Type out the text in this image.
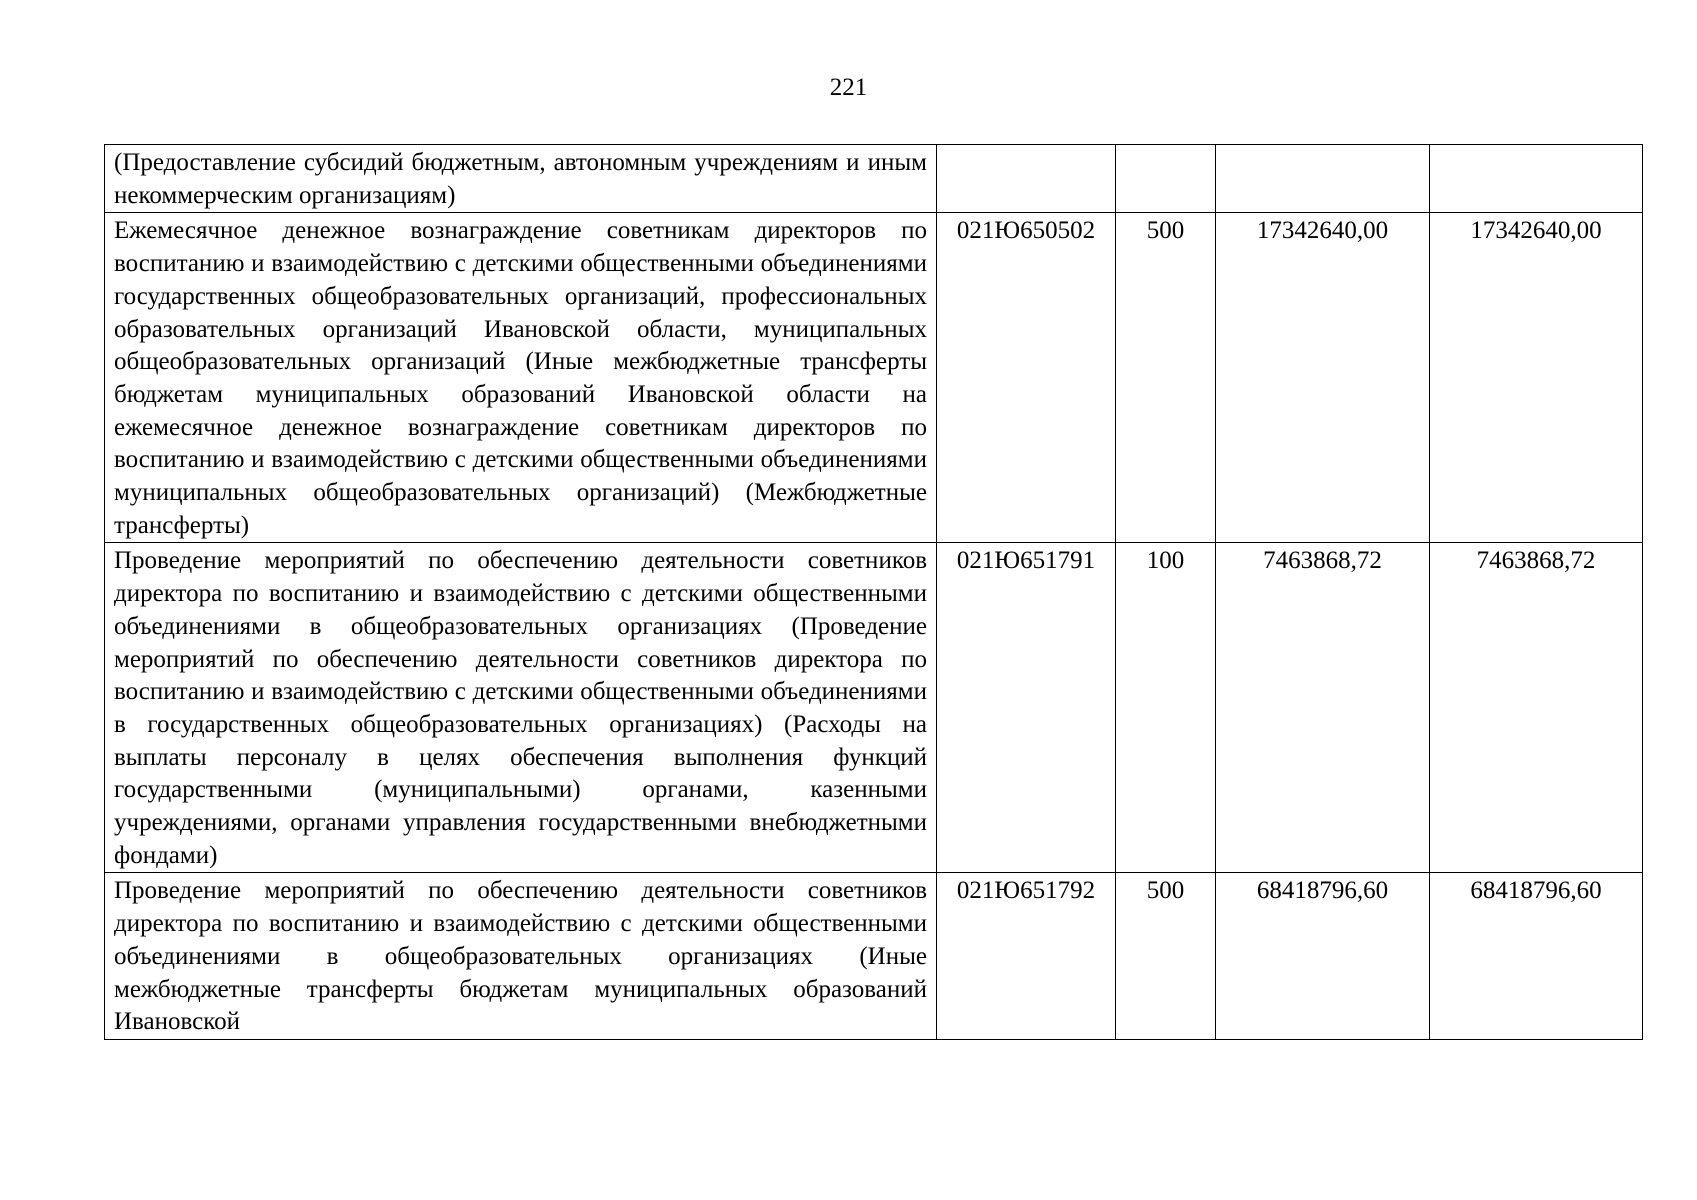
221
(Предоставление субсидий бюджетным, автономным учреждениям и иным некоммерческим организациям)				
Ежемесячное денежное вознаграждение советникам директоров по воспитанию и взаимодействию с детскими общественными объединениями государственных общеобразовательных организаций, профессиональных образовательных организаций Ивановской области, муниципальных общеобразовательных организаций (Иные межбюджетные трансферты бюджетам муниципальных образований Ивановской области на ежемесячное денежное вознаграждение советникам директоров по воспитанию и взаимодействию с детскими общественными объединениями муниципальных общеобразовательных организаций) (Межбюджетные трансферты)	021Ю650502	500	17342640,00	17342640,00
Проведение мероприятий по обеспечению деятельности советников директора по воспитанию и взаимодействию с детскими общественными объединениями в общеобразовательных организациях (Проведение мероприятий по обеспечению деятельности советников директора по воспитанию и взаимодействию с детскими общественными объединениями в государственных общеобразовательных организациях) (Расходы на выплаты персоналу в целях обеспечения выполнения функций государственными (муниципальными) органами, казенными учреждениями, органами управления государственными внебюджетными фондами)	021Ю651791	100	7463868,72	7463868,72
Проведение мероприятий по обеспечению деятельности советников директора по воспитанию и взаимодействию с детскими общественными объединениями в общеобразовательных организациях (Иные межбюджетные трансферты бюджетам муниципальных образований Ивановской	021Ю651792	500	68418796,60	68418796,60
